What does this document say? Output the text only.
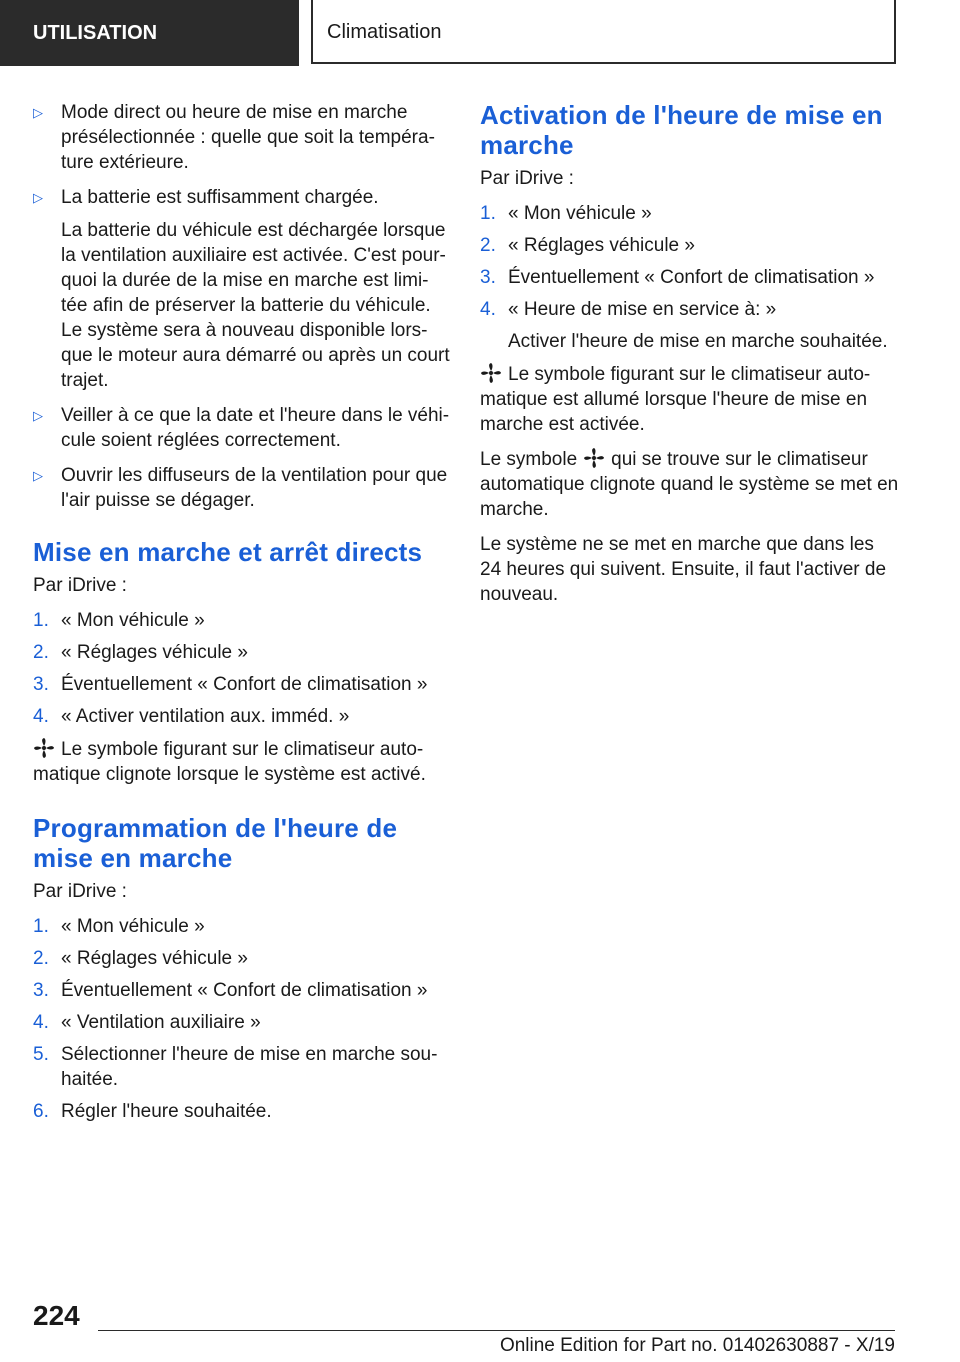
UTILISATION	Climatisation
▷ Mode direct ou heure de mise en marche présélectionnée : quelle que soit la tempéra-ture extérieure.

▷ La batterie est suffisamment chargée.

La batterie du véhicule est déchargée lorsque la ventilation auxiliaire est activée. C'est pour-quoi la durée de la mise en marche est limi-tée afin de préserver la batterie du véhicule. Le système sera à nouveau disponible lors-que le moteur aura démarré ou après un court trajet.

▷ Veiller à ce que la date et l'heure dans le véhi-cule soient réglées correctement.

▷ Ouvrir les diffuseurs de la ventilation pour que l'air puisse se dégager.

Mise en marche et arrêt directs

Par iDrive :

1. « Mon véhicule »

2. « Réglages véhicule »

3. Éventuellement « Confort de climatisation »

4. « Activer ventilation aux. imméd. »

Le symbole figurant sur le climatiseur auto-matique clignote lorsque le système est activé.

Programmation de l'heure de mise en marche

Par iDrive :

1. « Mon véhicule »

2. « Réglages véhicule »

3. Éventuellement « Confort de climatisation »

4. « Ventilation auxiliaire »

5. Sélectionner l'heure de mise en marche sou-haitée.

6. Régler l'heure souhaitée.

Activation de l'heure de mise en marche

Par iDrive :

1. « Mon véhicule »

2. « Réglages véhicule »

3. Éventuellement « Confort de climatisation »

4. « Heure de mise en service à: »

Activer l'heure de mise en marche souhaitée.

Le symbole figurant sur le climatiseur auto-matique est allumé lorsque l'heure de mise en marche est activée.

Le symbole qui se trouve sur le climatiseur automatique clignote quand le système se met en marche.

Le système ne se met en marche que dans les 24 heures qui suivent. Ensuite, il faut l'activer de nouveau.

224
Online Edition for Part no. 01402630887 - X/19
